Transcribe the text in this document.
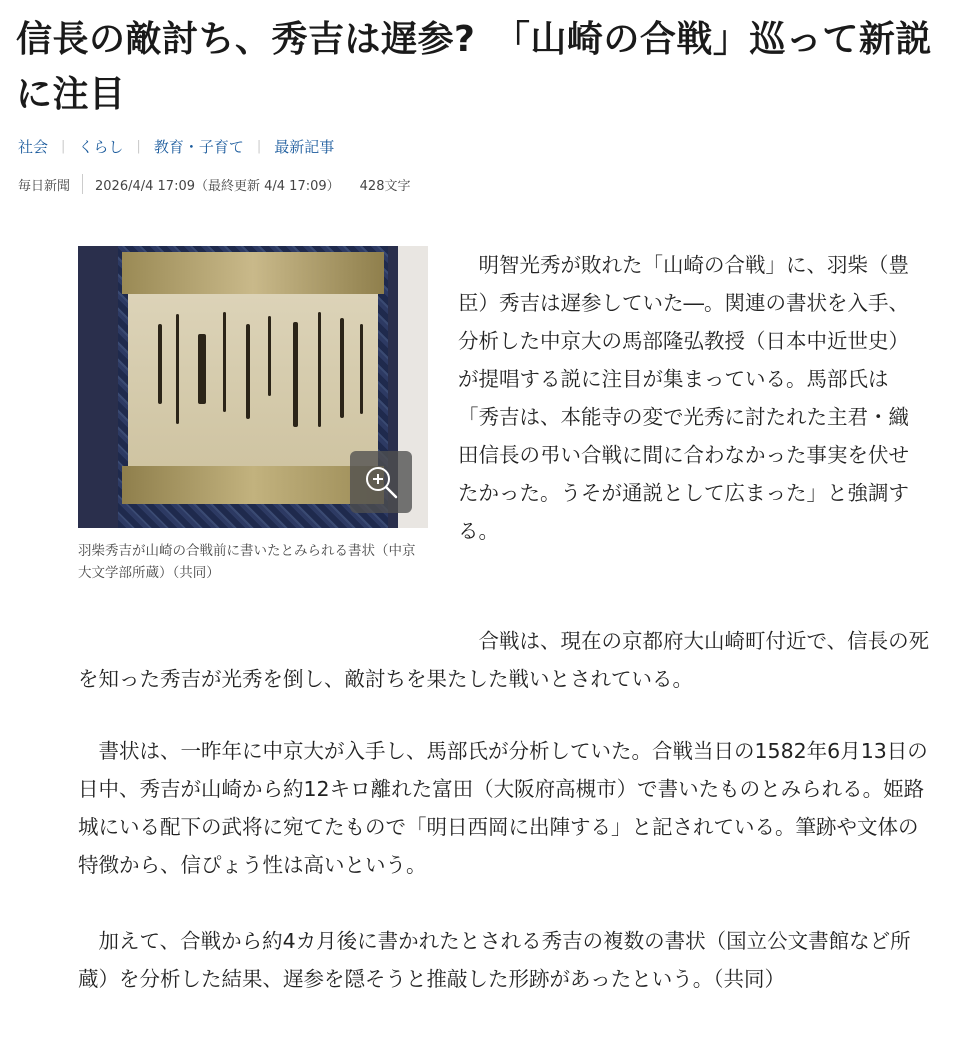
信長の敵討ち、秀吉は遅参?　「山崎の合戦」巡って新説に注目
社会 | くらし | 教育・子育て | 最新記事
毎日新聞 2026/4/4 17:09（最終更新 4/4 17:09） 428文字
羽柴秀吉が山崎の合戦前に書いたとみられる書状（中京大文学部所蔵）（共同）

　明智光秀が敗れた「山崎の合戦」に、羽柴（豊臣）秀吉は遅参していた―。関連の書状を入手、分析した中京大の馬部隆弘教授（日本中近世史）が提唱する説に注目が集まっている。馬部氏は「秀吉は、本能寺の変で光秀に討たれた主君・織田信長の弔い合戦に間に合わなかった事実を伏せたかった。うそが通説として広まった」と強調する。

　合戦は、現在の京都府大山崎町付近で、信長の死を知った秀吉が光秀を倒し、敵討ちを果たした戦いとされている。

　書状は、一昨年に中京大が入手し、馬部氏が分析していた。合戦当日の1582年6月13日の日中、秀吉が山崎から約12キロ離れた富田（大阪府高槻市）で書いたものとみられる。姫路城にいる配下の武将に宛てたもので「明日西岡に出陣する」と記されている。筆跡や文体の特徴から、信ぴょう性は高いという。

　加えて、合戦から約4カ月後に書かれたとされる秀吉の複数の書状（国立公文書館など所蔵）を分析した結果、遅参を隠そうと推敲した形跡があったという。（共同）
